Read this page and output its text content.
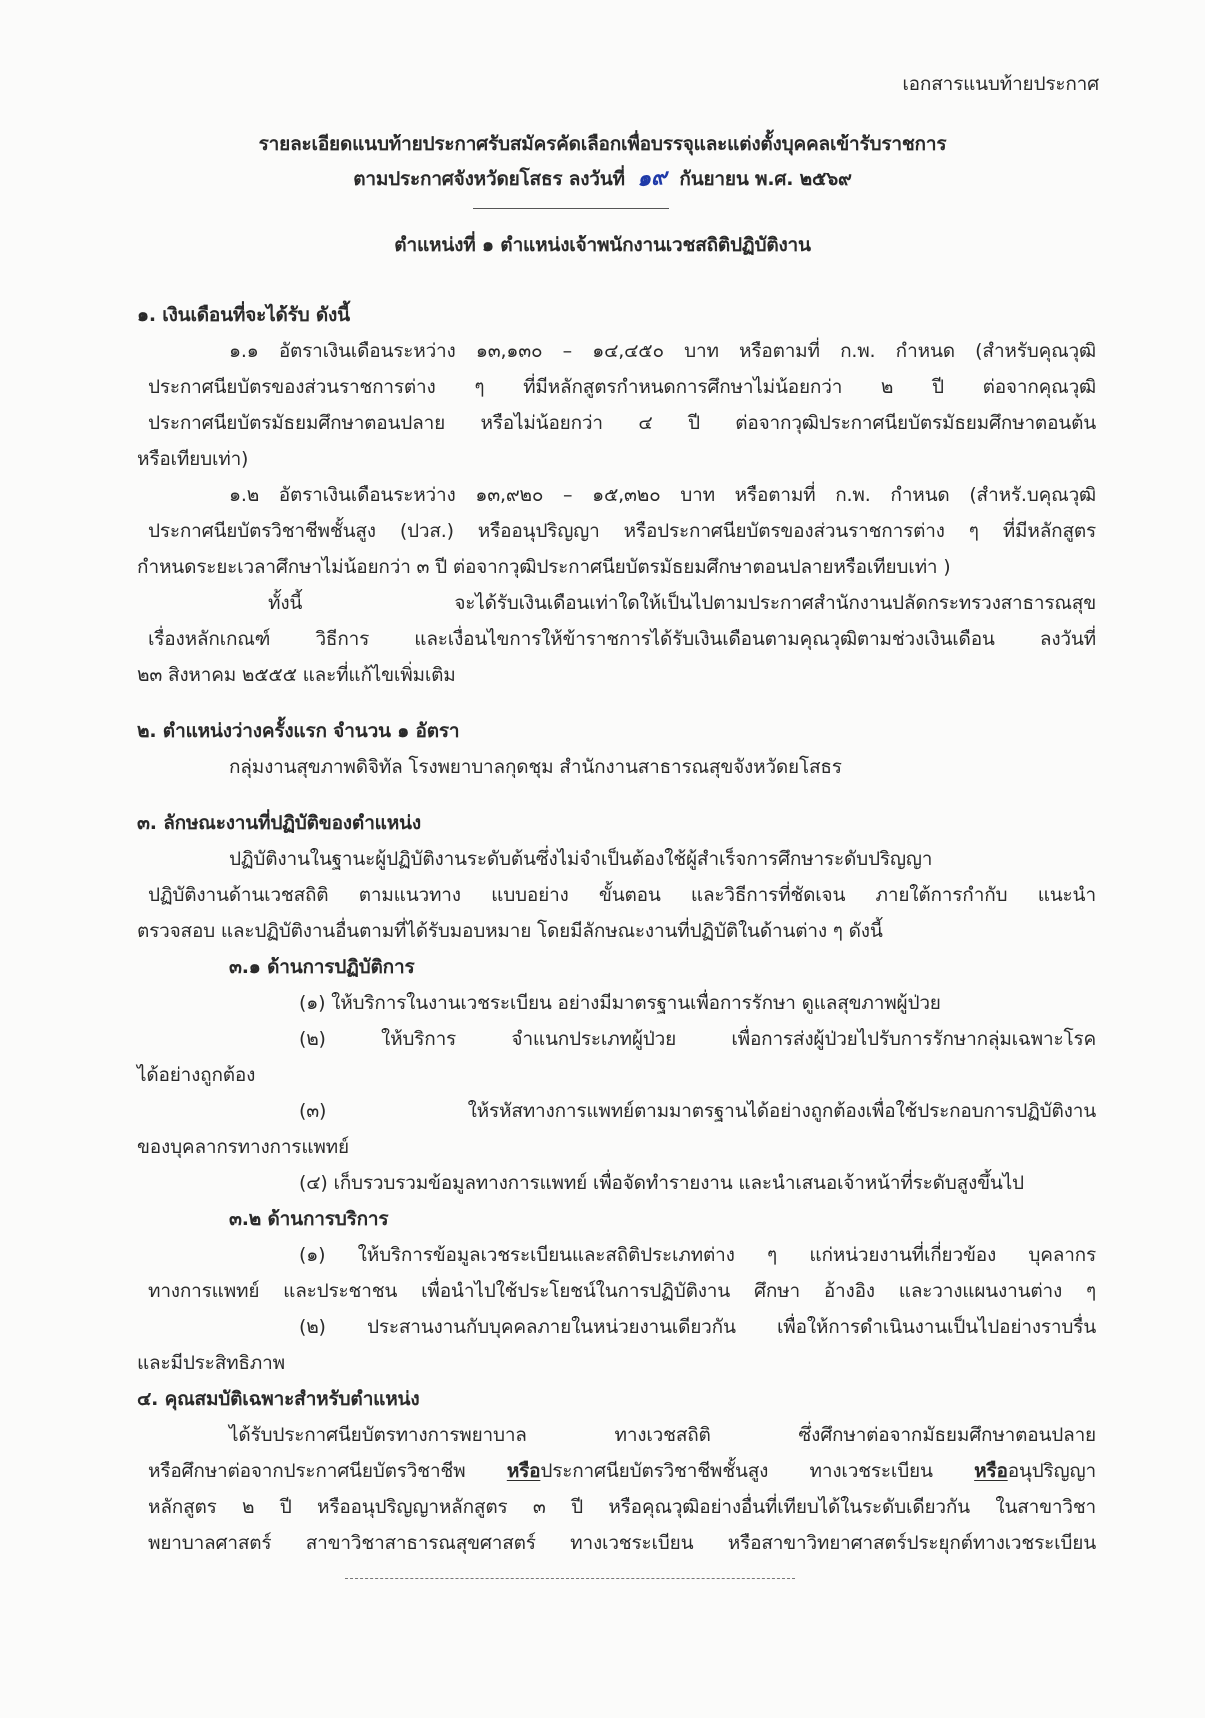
เอกสารแนบท้ายประกาศ
รายละเอียดแนบท้ายประกาศรับสมัครคัดเลือกเพื่อบรรจุและแต่งตั้งบุคคลเข้ารับราชการ
ตามประกาศจังหวัดยโสธร ลงวันที่ ๑๙ กันยายน พ.ศ. ๒๕๖๙
ตำแหน่งที่ ๑ ตำแหน่งเจ้าพนักงานเวชสถิติปฏิบัติงาน
๑. เงินเดือนที่จะได้รับ ดังนี้
๑.๑ อัตราเงินเดือนระหว่าง ๑๓,๑๓๐ – ๑๔,๔๕๐ บาท หรือตามที่ ก.พ. กำหนด (สำหรับคุณวุฒิ
ประกาศนียบัตรของส่วนราชการต่าง ๆ ที่มีหลักสูตรกำหนดการศึกษาไม่น้อยกว่า ๒ ปี ต่อจากคุณวุฒิ
ประกาศนียบัตรมัธยมศึกษาตอนปลาย หรือไม่น้อยกว่า ๔ ปี ต่อจากวุฒิประกาศนียบัตรมัธยมศึกษาตอนต้น
หรือเทียบเท่า)
๑.๒ อัตราเงินเดือนระหว่าง ๑๓,๙๒๐ – ๑๕,๓๒๐ บาท หรือตามที่ ก.พ. กำหนด (สำหรั.บคุณวุฒิ
ประกาศนียบัตรวิชาชีพชั้นสูง (ปวส.) หรืออนุปริญญา หรือประกาศนียบัตรของส่วนราชการต่าง ๆ ที่มีหลักสูตร
กำหนดระยะเวลาศึกษาไม่น้อยกว่า ๓ ปี ต่อจากวุฒิประกาศนียบัตรมัธยมศึกษาตอนปลายหรือเทียบเท่า )
ทั้งนี้ จะได้รับเงินเดือนเท่าใดให้เป็นไปตามประกาศสำนักงานปลัดกระทรวงสาธารณสุข
เรื่องหลักเกณฑ์ วิธีการ และเงื่อนไขการให้ข้าราชการได้รับเงินเดือนตามคุณวุฒิตามช่วงเงินเดือน ลงวันที่
๒๓ สิงหาคม ๒๕๕๕ และที่แก้ไขเพิ่มเติม
๒. ตำแหน่งว่างครั้งแรก จำนวน ๑ อัตรา
กลุ่มงานสุขภาพดิจิทัล โรงพยาบาลกุดชุม สำนักงานสาธารณสุขจังหวัดยโสธร
๓. ลักษณะงานที่ปฏิบัติของตำแหน่ง
ปฏิบัติงานในฐานะผู้ปฏิบัติงานระดับต้นซึ่งไม่จำเป็นต้องใช้ผู้สำเร็จการศึกษาระดับปริญญา
ปฏิบัติงานด้านเวชสถิติ ตามแนวทาง แบบอย่าง ขั้นตอน และวิธีการที่ชัดเจน ภายใต้การกำกับ แนะนำ
ตรวจสอบ และปฏิบัติงานอื่นตามที่ได้รับมอบหมาย โดยมีลักษณะงานที่ปฏิบัติในด้านต่าง ๆ ดังนี้
๓.๑ ด้านการปฏิบัติการ
(๑) ให้บริการในงานเวชระเบียน อย่างมีมาตรฐานเพื่อการรักษา ดูแลสุขภาพผู้ป่วย
(๒) ให้บริการ จำแนกประเภทผู้ป่วย เพื่อการส่งผู้ป่วยไปรับการรักษากลุ่มเฉพาะโรค
ได้อย่างถูกต้อง
(๓) ให้รหัสทางการแพทย์ตามมาตรฐานได้อย่างถูกต้องเพื่อใช้ประกอบการปฏิบัติงาน
ของบุคลากรทางการแพทย์
(๔) เก็บรวบรวมข้อมูลทางการแพทย์ เพื่อจัดทำรายงาน และนำเสนอเจ้าหน้าที่ระดับสูงขึ้นไป
๓.๒ ด้านการบริการ
(๑) ให้บริการข้อมูลเวชระเบียนและสถิติประเภทต่าง ๆ แก่หน่วยงานที่เกี่ยวข้อง บุคลากร
ทางการแพทย์ และประชาชน เพื่อนำไปใช้ประโยชน์ในการปฏิบัติงาน ศึกษา อ้างอิง และวางแผนงานต่าง ๆ
(๒) ประสานงานกับบุคคลภายในหน่วยงานเดียวกัน เพื่อให้การดำเนินงานเป็นไปอย่างราบรื่น
และมีประสิทธิภาพ
๔. คุณสมบัติเฉพาะสำหรับตำแหน่ง
ได้รับประกาศนียบัตรทางการพยาบาล ทางเวชสถิติ ซึ่งศึกษาต่อจากมัธยมศึกษาตอนปลาย
หรือศึกษาต่อจากประกาศนียบัตรวิชาชีพ หรือประกาศนียบัตรวิชาชีพชั้นสูง ทางเวชระเบียน หรืออนุปริญญา
หลักสูตร ๒ ปี หรืออนุปริญญาหลักสูตร ๓ ปี หรือคุณวุฒิอย่างอื่นที่เทียบได้ในระดับเดียวกัน ในสาขาวิชา
พยาบาลศาสตร์ สาขาวิชาสาธารณสุขศาสตร์ ทางเวชระเบียน หรือสาขาวิทยาศาสตร์ประยุกต์ทางเวชระเบียน
